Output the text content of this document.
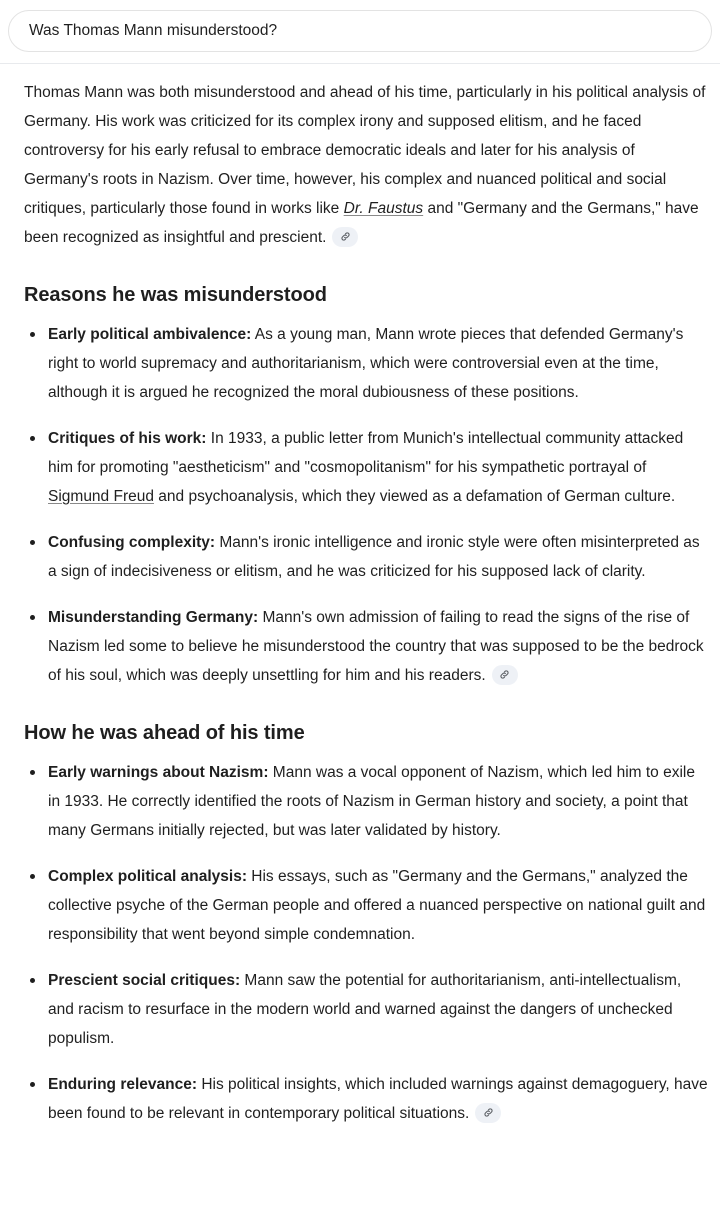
Was Thomas Mann misunderstood?

Thomas Mann was both misunderstood and ahead of his time, particularly in his political analysis of Germany. His work was criticized for its complex irony and supposed elitism, and he faced controversy for his early refusal to embrace democratic ideals and later for his analysis of Germany's roots in Nazism. Over time, however, his complex and nuanced political and social critiques, particularly those found in works like Dr. Faustus and "Germany and the Germans," have been recognized as insightful and prescient.

Reasons he was misunderstood
Early political ambivalence: As a young man, Mann wrote pieces that defended Germany's right to world supremacy and authoritarianism, which were controversial even at the time, although it is argued he recognized the moral dubiousness of these positions.
Critiques of his work: In 1933, a public letter from Munich's intellectual community attacked him for promoting "aestheticism" and "cosmopolitanism" for his sympathetic portrayal of Sigmund Freud and psychoanalysis, which they viewed as a defamation of German culture.
Confusing complexity: Mann's ironic intelligence and ironic style were often misinterpreted as a sign of indecisiveness or elitism, and he was criticized for his supposed lack of clarity.
Misunderstanding Germany: Mann's own admission of failing to read the signs of the rise of Nazism led some to believe he misunderstood the country that was supposed to be the bedrock of his soul, which was deeply unsettling for him and his readers.
How he was ahead of his time
Early warnings about Nazism: Mann was a vocal opponent of Nazism, which led him to exile in 1933. He correctly identified the roots of Nazism in German history and society, a point that many Germans initially rejected, but was later validated by history.
Complex political analysis: His essays, such as "Germany and the Germans," analyzed the collective psyche of the German people and offered a nuanced perspective on national guilt and responsibility that went beyond simple condemnation.
Prescient social critiques: Mann saw the potential for authoritarianism, anti-intellectualism, and racism to resurface in the modern world and warned against the dangers of unchecked populism.
Enduring relevance: His political insights, which included warnings against demagoguery, have been found to be relevant in contemporary political situations.
